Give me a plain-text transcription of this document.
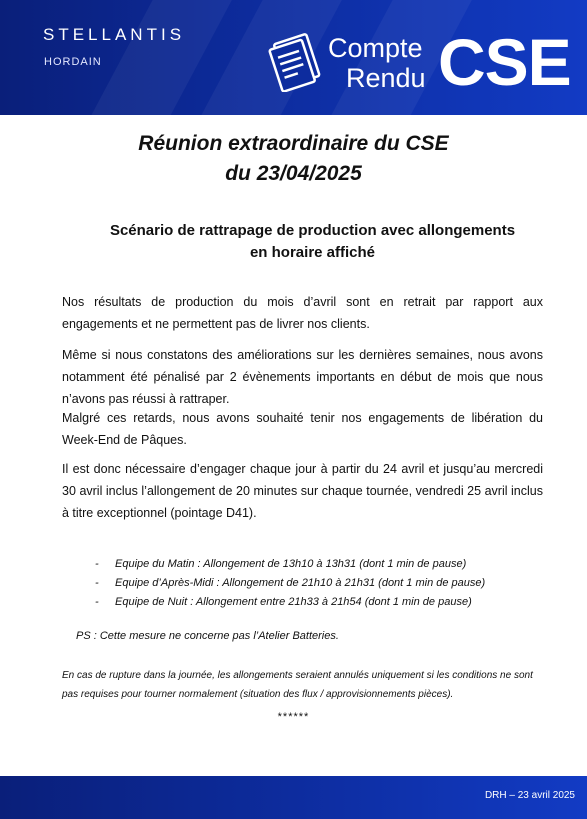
STELLANTIS
HORDAIN	Compte
Rendu CSE
Réunion extraordinaire du CSE
du 23/04/2025
Scénario de rattrapage de production avec allongements
en horaire affiché

Nos résultats de production du mois d’avril sont en retrait par rapport aux engagements et ne permettent pas de livrer nos clients.

Même si nous constatons des améliorations sur les dernières semaines, nous avons notamment été pénalisé par 2 évènements importants en début de mois que nous n’avons pas réussi à rattraper.

Malgré ces retards, nous avons souhaité tenir nos engagements de libération du Week-End de Pâques.

Il est donc nécessaire d’engager chaque jour à partir du 24 avril et jusqu’au mercredi 30 avril inclus l’allongement de 20 minutes sur chaque tournée, vendredi 25 avril inclus à titre exceptionnel (pointage D41).

- Equipe du Matin : Allongement de 13h10 à 13h31 (dont 1 min de pause)
- Equipe d’Après-Midi : Allongement de 21h10 à 21h31 (dont 1 min de pause)
- Equipe de Nuit : Allongement entre 21h33 à 21h54 (dont 1 min de pause)
PS : Cette mesure ne concerne pas l’Atelier Batteries.
En cas de rupture dans la journée, les allongements seraient annulés uniquement si les conditions ne sont pas requises pour tourner normalement (situation des flux / approvisionnements pièces).
******
DRH – 23 avril 2025
